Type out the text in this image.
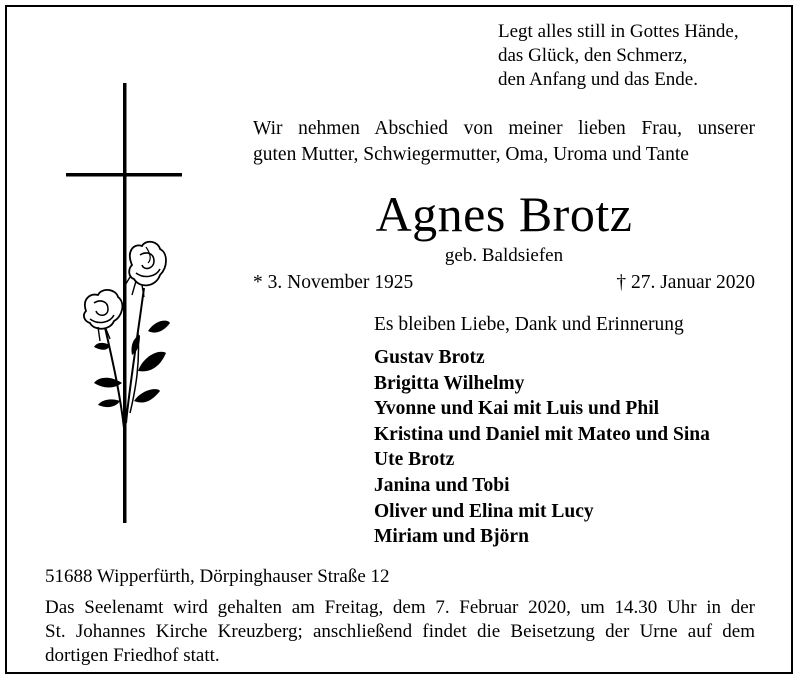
Legt alles still in Gottes Hände,
das Glück, den Schmerz,
den Anfang und das Ende.
Wir nehmen Abschied von meiner lieben Frau, unserer
guten Mutter, Schwiegermutter, Oma, Uroma und Tante
Agnes Brotz
geb. Baldsiefen
* 3. November 1925	† 27. Januar 2020
Es bleiben Liebe, Dank und Erinnerung
Gustav Brotz
Brigitta Wilhelmy
Yvonne und Kai mit Luis und Phil
Kristina und Daniel mit Mateo und Sina
Ute Brotz
Janina und Tobi
Oliver und Elina mit Lucy
Miriam und Björn
51688 Wipperfürth, Dörpinghauser Straße 12
Das Seelenamt wird gehalten am Freitag, dem 7. Februar 2020, um 14.30 Uhr in der
St. Johannes Kirche Kreuzberg; anschließend findet die Beisetzung der Urne auf dem
dortigen Friedhof statt.
